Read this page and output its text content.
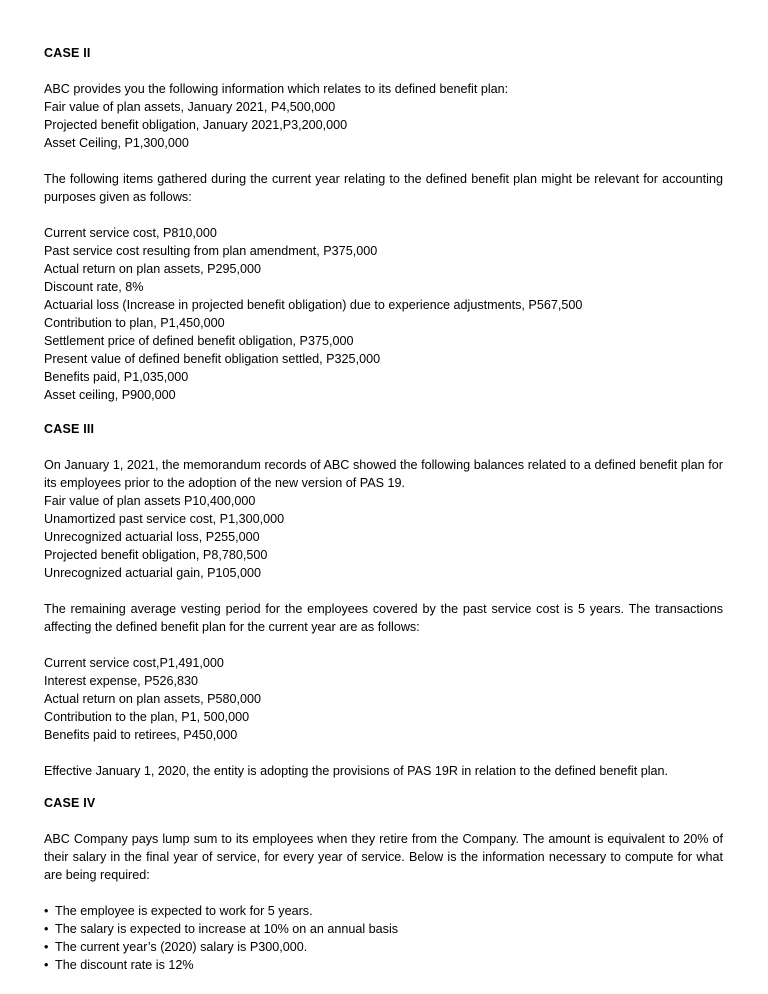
CASE II

ABC provides you the following information which relates to its defined benefit plan:

Fair value of plan assets, January 2021, P4,500,000
Projected benefit obligation, January 2021,P3,200,000
Asset Ceiling, P1,300,000

The following items gathered during the current year relating to the defined benefit plan might be relevant for accounting purposes given as follows:

Current service cost, P810,000
Past service cost resulting from plan amendment, P375,000
Actual return on plan assets, P295,000
Discount rate, 8%
Actuarial loss (Increase in projected benefit obligation) due to experience adjustments, P567,500
Contribution to plan, P1,450,000
Settlement price of defined benefit obligation, P375,000
Present value of defined benefit obligation settled, P325,000
Benefits paid, P1,035,000
Asset ceiling, P900,000
CASE III

On January 1, 2021, the memorandum records of ABC showed the following balances related to a defined benefit plan for its employees prior to the adoption of the new version of PAS 19.

Fair value of plan assets P10,400,000
Unamortized past service cost, P1,300,000
Unrecognized actuarial loss, P255,000
Projected benefit obligation, P8,780,500
Unrecognized actuarial gain, P105,000

The remaining average vesting period for the employees covered by the past service cost is 5 years. The transactions affecting the defined benefit plan for the current year are as follows:

Current service cost,P1,491,000
Interest expense, P526,830
Actual return on plan assets, P580,000
Contribution to the plan, P1, 500,000
Benefits paid to retirees, P450,000

Effective January 1, 2020, the entity is adopting the provisions of PAS 19R in relation to the defined benefit plan.

CASE IV

ABC Company pays lump sum to its employees when they retire from the Company. The amount is equivalent to 20% of their salary in the final year of service, for every year of service. Below is the information necessary to compute for what are being required:

• The employee is expected to work for 5 years.
• The salary is expected to increase at 10% on an annual basis
• The current year’s (2020) salary is P300,000.
• The discount rate is 12%
